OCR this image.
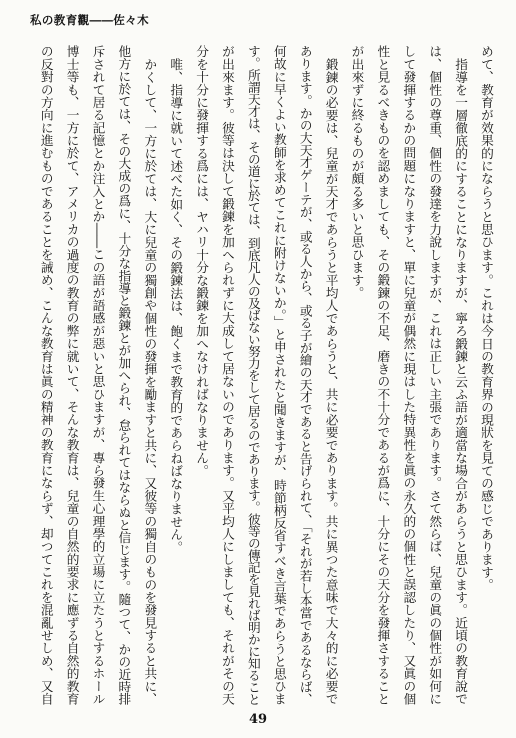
私の教育觀――佐々木
めて、教育が效果的にならうと思ひます。これは今日の教育界の現狀を見ての感じであります。
指導を一層徹底的にすることになりますが、寧ろ鍛鍊と云ふ語が適當な場合があらうと思ひます。近頃の教育說で
は、個性の尊重、個性の發達を力說しますが、これは正しい主張であります。さて然らば、兒童の眞の個性が如何に
して發揮するかの問題になりますと、單に兒童が偶然に現はした特異性を眞の永久的の個性と誤認したり、又眞の個
性と見るべきものを認めましても、その鍛鍊の不足、磨きの不十分であるが爲に、十分にその天分を發揮さすること
が出來ずに終るものが頗る多いと思ひます。
鍛鍊の必要は、兒童が天才であらうと平均人であらうと、共に必要であります。共に異つた意味で大々的に必要で
あります。かの大天才ゲーテが、或る人から、或る子が繪の天才であると告げられて、「それが若し本當であるならば、
何故に早くよい教師を求めてこれに附けないか。」と申されたと聞きますが、時節柄反省すべき言葉であらうと思ひま
す。所謂天才は、その道に於ては、到底凡人の及ばない努力をして居るのであります。彼等の傳記を見れば明かに知ること
が出來ます。彼等は決して鍛鍊を加へられずに大成して居ないのであります。又平均人にしましても、それがその天
分を十分に發揮する爲には、ヤハリ十分な鍛鍊を加へなければなりません。
唯、指導に就いて述べた如く、その鍛鍊法は、飽くまで教育的であらねばなりません。
かくして、一方に於ては、大に兒童の獨創や個性の發揮を勵ますと共に、又彼等の獨自のものを發見すると共に、
他方に於ては、その大成の爲に、十分な指導と鍛鍊とが加へられ、怠られてはならぬと信じます。隨つて、かの近時排
斥されて居る記憶とか注入とか――この語が語感が惡いと思ひますが、專ら發生心理學的立場に立たうとするホール
博士等も、一方に於て、アメリカの過度の教育の弊に就いて、そんな教育は、兒童の自然的要求に應ずる自然的教育
の反對の方向に進むものであることを誡め、こんな教育は眞の精神の教育にならず、却つてこれを混亂せしめ、又自
49
